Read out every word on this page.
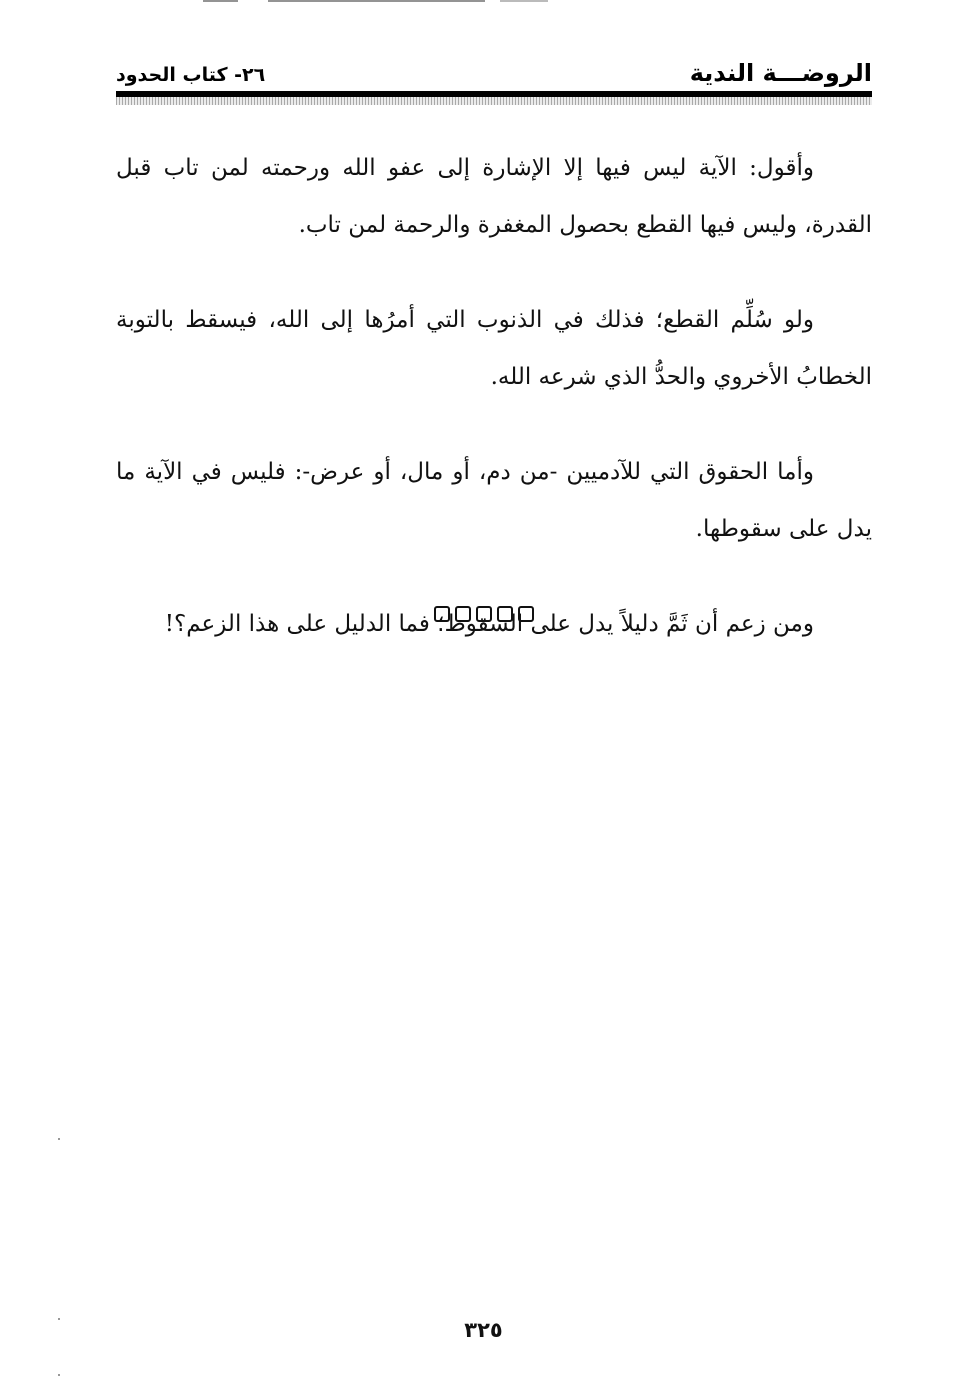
الروضـــة الندية
٢٦- كتاب الحدود

وأقول: الآية ليس فيها إلا الإشارة إلى عفو الله ورحمته لمن تاب قبل القدرة، وليس فيها القطع بحصول المغفرة والرحمة لمن تاب.

ولو سُلِّم القطع؛ فذلك في الذنوب التي أمرُها إلى الله، فيسقط بالتوبة الخطابُ الأخروي والحدُّ الذي شرعه الله.

وأما الحقوق التي للآدميين -من دم، أو مال، أو عرض-: فليس في الآية ما يدل على سقوطها.

ومن زعم أن ثَمَّ دليلاً يدل على السقوط؛ فما الدليل على هذا الزعم؟!

٣٢٥
